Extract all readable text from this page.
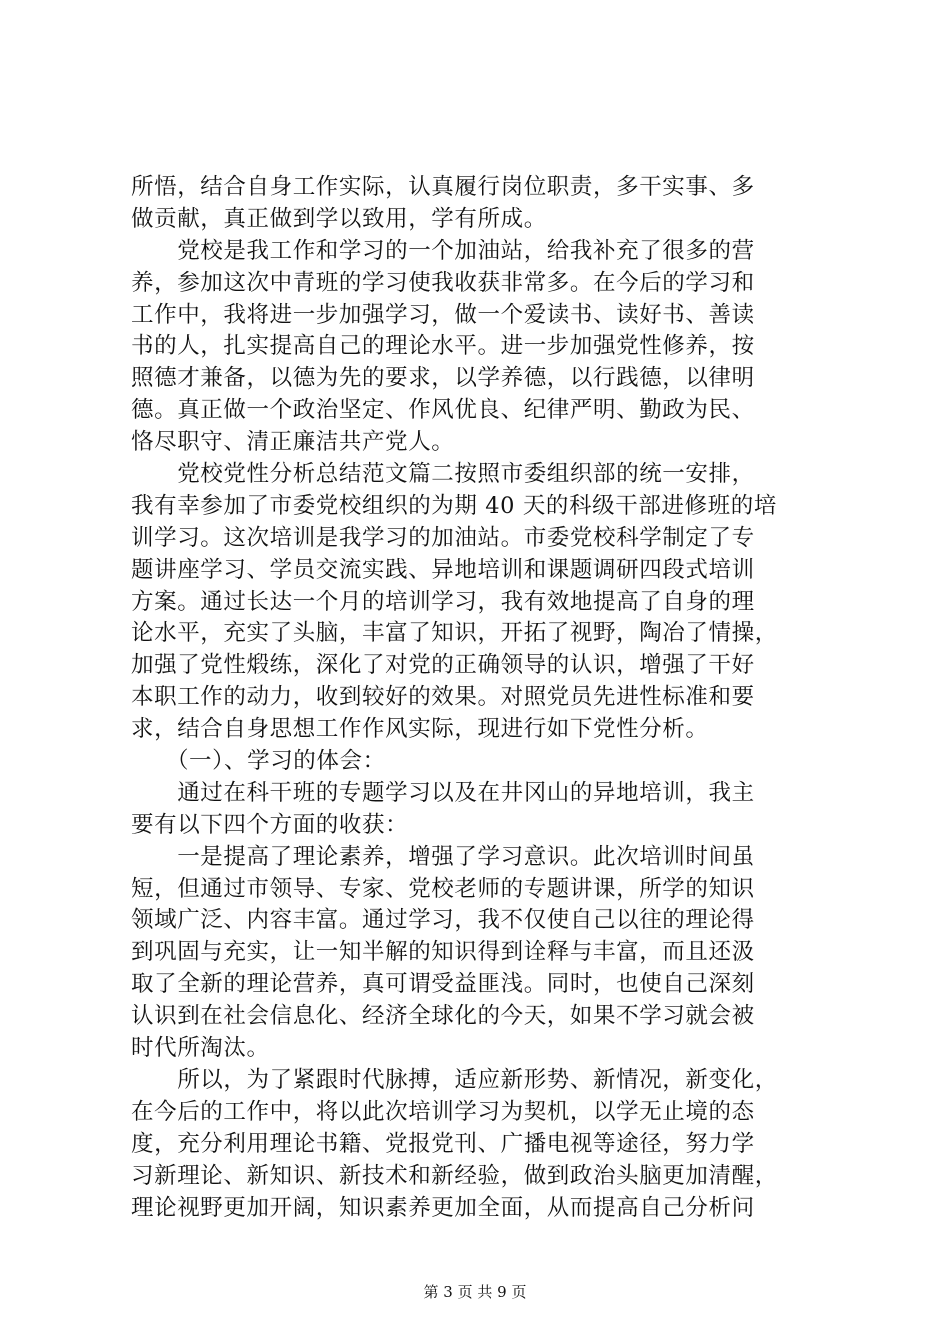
所悟，结合自身工作实际，认真履行岗位职责，多干实事、多
做贡献，真正做到学以致用，学有所成。
　　党校是我工作和学习的一个加油站，给我补充了很多的营
养，参加这次中青班的学习使我收获非常多。在今后的学习和
工作中，我将进一步加强学习，做一个爱读书、读好书、善读
书的人，扎实提高自己的理论水平。进一步加强党性修养，按
照德才兼备，以德为先的要求，以学养德，以行践德，以律明
德。真正做一个政治坚定、作风优良、纪律严明、勤政为民、
恪尽职守、清正廉洁共产党人。
　　党校党性分析总结范文篇二按照市委组织部的统一安排，
我有幸参加了市委党校组织的为期 40 天的科级干部进修班的培
训学习。这次培训是我学习的加油站。市委党校科学制定了专
题讲座学习、学员交流实践、异地培训和课题调研四段式培训
方案。通过长达一个月的培训学习，我有效地提高了自身的理
论水平，充实了头脑，丰富了知识，开拓了视野，陶冶了情操，
加强了党性煅练，深化了对党的正确领导的认识，增强了干好
本职工作的动力，收到较好的效果。对照党员先进性标准和要
求，结合自身思想工作作风实际，现进行如下党性分析。
　　（一）、学习的体会：
　　通过在科干班的专题学习以及在井冈山的异地培训，我主
要有以下四个方面的收获：
　　一是提高了理论素养，增强了学习意识。此次培训时间虽
短，但通过市领导、专家、党校老师的专题讲课，所学的知识
领域广泛、内容丰富。通过学习，我不仅使自己以往的理论得
到巩固与充实，让一知半解的知识得到诠释与丰富，而且还汲
取了全新的理论营养，真可谓受益匪浅。同时，也使自己深刻
认识到在社会信息化、经济全球化的今天，如果不学习就会被
时代所淘汰。
　　所以，为了紧跟时代脉搏，适应新形势、新情况，新变化，
在今后的工作中，将以此次培训学习为契机，以学无止境的态
度，充分利用理论书籍、党报党刊、广播电视等途径，努力学
习新理论、新知识、新技术和新经验，做到政治头脑更加清醒，
理论视野更加开阔，知识素养更加全面，从而提高自己分析问
第 3 页 共 9 页
